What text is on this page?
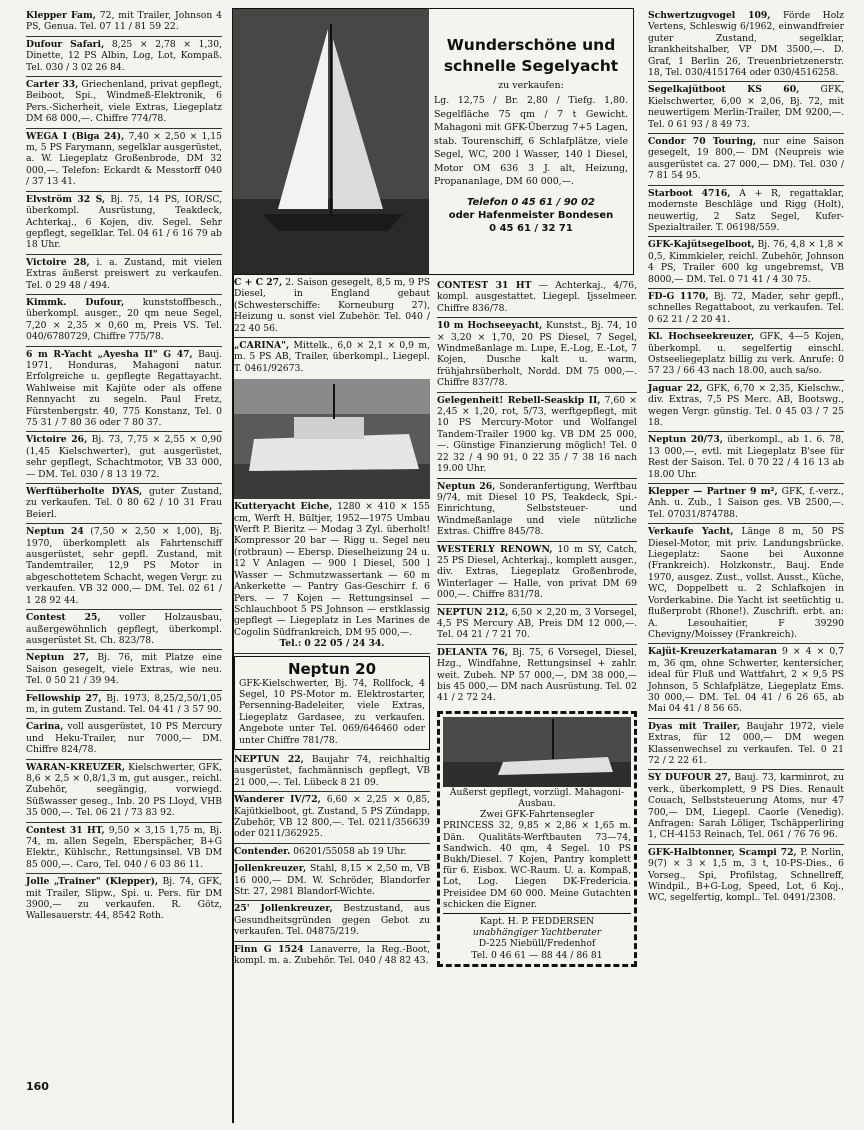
Klepper Fam, 72, mit Trailer, Johnson 4 PS, Genua. Tel. 07 11 / 81 59 22.
Dufour Safari, 8,25 × 2,78 × 1,30, Dinette, 12 PS Albin, Log, Lot, Kompaß. Tel. 030 / 3 02 26 84.
Carter 33, Griechenland, privat gepflegt, Beiboot, Spi., Windmeß-Elektronik, 6 Pers.-Sicherheit, viele Extras, Liegeplatz DM 68 000,—. Chiffre 774/78.
WEGA I (Biga 24), 7,40 × 2,50 × 1,15 m, 5 PS Farymann, segelklar ausgerüstet, a. W. Liegeplatz Großenbrode, DM 32 000,—. Telefon: Eckardt & Messtorff 040 / 37 13 41.
Elvström 32 S, Bj. 75, 14 PS, IOR/SC, überkompl. Ausrüstung, Teakdeck, Achterkaj., 6 Kojen, div. Segel. Sehr gepflegt, segelklar. Tel. 04 61 / 6 16 79 ab 18 Uhr.
Victoire 28, i. a. Zustand, mit vielen Extras äußerst preiswert zu verkaufen. Tel. 0 29 48 / 494.
Kimmk. Dufour, kunststoffbesch., überkompl. ausger., 20 qm neue Segel, 7,20 × 2,35 × 0,60 m, Preis VS. Tel. 040/6780729, Chiffre 775/78.
6 m R-Yacht „Ayesha II" G 47, Bauj. 1971, Honduras, Mahagoni natur. Erfolgreiche u. gepflegte Regattayacht. Wahlweise mit Kajüte oder als offene Rennyacht zu segeln. Paul Fretz, Fürstenbergstr. 40, 775 Konstanz, Tel. 0 75 31 / 7 80 36 oder 7 80 37.
Victoire 26, Bj. 73, 7,75 × 2,55 × 0,90 (1,45 Kielschwerter), gut ausgerüstet, sehr gepflegt, Schachtmotor, VB 33 000,— DM. Tel. 030 / 8 13 19 72.
Werftüberholte DYAS, guter Zustand, zu verkaufen. Tel. 0 80 62 / 10 31 Frau Beierl.
Neptun 24 (7,50 × 2,50 × 1,00), Bj. 1970, überkomplett als Fahrtenschiff ausgerüstet, sehr gepfl. Zustand, mit Tandemtrailer, 12,9 PS Motor in abgeschottetem Schacht, wegen Vergr. zu verkaufen. VB 32 000,— DM. Tel. 02 61 / 1 28 92 44.
Contest 25, voller Holzausbau, außergewöhnlich gepflegt, überkompl. ausgerüstet St. Ch. 823/78.
Neptun 27, Bj. 76, mit Platze eine Saison gesegelt, viele Extras, wie neu. Tel. 0 50 21 / 39 94.
Fellowship 27, Bj. 1973, 8,25/2,50/1,05 m, in gutem Zustand. Tel. 04 41 / 3 57 90.
Carina, voll ausgerüstet, 10 PS Mercury und Heku-Trailer, nur 7000,— DM. Chiffre 824/78.
WARAN-KREUZER, Kielschwerter, GFK, 8,6 × 2,5 × 0,8/1,3 m, gut ausger., reichl. Zubehör, seegängig, vorwiegd. Süßwasser geseg., Inb. 20 PS Lloyd, VHB 35 000,—. Tel. 06 21 / 73 83 92.
Contest 31 HT, 9,50 × 3,15 1,75 m, Bj. 74, m. allen Segeln, Eberspächer, B+G Elektr., Kühlschr., Rettungsinsel. VB DM 85 000,—. Caro, Tel. 040 / 6 03 86 11.
Jolle „Trainer" (Klepper), Bj. 74, GFK, mit Trailer, Slipw., Spi. u. Pers. für DM 3900,— zu verkaufen. R. Götz, Wallesauerstr. 44, 8542 Roth.
Wunderschöne und schnelle Segelyacht
zu verkaufen:
Lg. 12,75 / Br. 2,80 / Tiefg. 1,80. Segelfläche 75 qm / 7 t Gewicht. Mahagoni mit GFK-Überzug 7+5 Lagen, stab. Tourenschiff, 6 Schlafplätze, viele Segel, WC, 200 l Wasser, 140 l Diesel, Motor OM 636 3 J. alt, Heizung, Propananlage, DM 60 000,—.
Telefon 0 45 61 / 90 02
oder Hafenmeister Bondesen
0 45 61 / 32 71
C + C 27, 2. Saison gesegelt, 8,5 m, 9 PS Diesel, in England gebaut (Schwesterschiffe: Korneuburg 27), Heizung u. sonst viel Zubehör. Tel. 040 / 22 40 56.
„CARINA", Mittelk., 6,0 × 2,1 × 0,9 m, m. 5 PS AB, Trailer, überkompl., Liegepl. T. 0461/92673.
Kutteryacht Eiche, 1280 × 410 × 155 cm, Werft H. Bültjer, 1952—1975 Umbau Werft P. Bieritz — Modag 3 Zyl. überholt! Kompressor 20 bar — Rigg u. Segel neu (rotbraun) — Ebersp. Dieselheizung 24 u. 12 V Anlagen — 900 l Diesel, 500 l Wasser — Schmutzwassertank — 60 m Ankerkette — Pantry Gas-Geschirr f. 6 Pers. — 7 Kojen — Rettungsinsel — Schlauchboot 5 PS Johnson — erstklassig gepflegt — Liegeplatz in Les Marines de Cogolin Südfrankreich, DM 95 000,—.
Tel.: 0 22 05 / 24 34.
Neptun 20
GFK-Kielschwerter, Bj. 74, Rollfock, 4 Segel, 10 PS-Motor m. Elektrostarter, Persenning-Badeleiter, viele Extras, Liegeplatz Gardasee, zu verkaufen. Angebote unter Tel. 069/646460 oder unter Chiffre 781/78.
NEPTUN 22, Baujahr 74, reichhaltig ausgerüstet, fachmännisch gepflegt, VB 21 000,—. Tel. Lübeck 8 21 09.
Wanderer IV/72, 6,60 × 2,25 × 0,85, Kajütkielboot, gt. Zustand, 5 PS Zündapp, Zubehör, VB 12 800,—. Tel. 0211/356639 oder 0211/362925.
Contender. 06201/55058 ab 19 Uhr.
Jollenkreuzer, Stahl, 8,15 × 2,50 m, VB 16 000,— DM. W. Schröder, Blandorfer Str. 27, 2981 Blandorf-Wichte.
25' Jollenkreuzer, Bestzustand, aus Gesundheitsgründen gegen Gebot zu verkaufen. Tel. 04875/219.
Finn G 1524 Lanaverre, la Reg.-Boot, kompl. m. a. Zubehör. Tel. 040 / 48 82 43.
CONTEST 31 HT — Achterkaj., 4/76, kompl. ausgestattet. Liegepl. Ijsselmeer. Chiffre 836/78.
10 m Hochseeyacht, Kunstst., Bj. 74, 10 × 3,20 × 1,70, 20 PS Diesel, 7 Segel, Windmeßanlage m. Lupe, E.-Log, E.-Lot, 7 Kojen, Dusche kalt u. warm, frühjahrsüberholt, Nordd. DM 75 000,—. Chiffre 837/78.
Gelegenheit! Rebell-Seaskip II, 7,60 × 2,45 × 1,20, rot, 5/73, werftgepflegt, mit 10 PS Mercury-Motor und Wolfangel Tandem-Trailer 1900 kg. VB DM 25 000,—. Günstige Finanzierung möglich! Tel. 0 22 32 / 4 90 91, 0 22 35 / 7 38 16 nach 19.00 Uhr.
Neptun 26, Sonderanfertigung, Werftbau 9/74, mit Diesel 10 PS, Teakdeck, Spi.-Einrichtung, Selbststeuer- und Windmeßanlage und viele nützliche Extras. Chiffre 845/78.
WESTERLY RENOWN, 10 m SY, Catch, 25 PS Diesel, Achterkaj., komplett ausger., div. Extras, Liegeplatz Großenbrode, Winterlager — Halle, von privat DM 69 000,—. Chiffre 831/78.
NEPTUN 212, 6,50 × 2,20 m, 3 Vorsegel, 4,5 PS Mercury AB, Preis DM 12 000,—. Tel. 04 21 / 7 21 70.
DELANTA 76, Bj. 75, 6 Vorsegel, Diesel, Hzg., Windfahne, Rettungsinsel + zahlr. weit. Zubeh. NP 57 000,—, DM 38 000,— bis 45 000,— DM nach Ausrüstung. Tel. 02 41 / 2 72 24.
Äußerst gepflegt, vorzügl. Mahagoni-Ausbau.
Zwei GFK-Fahrtensegler
PRINCESS 32, 9,85 × 2,86 × 1,65 m. Dän. Qualitäts-Werftbauten 73—74, Sandwich. 40 qm, 4 Segel. 10 PS Bukh/Diesel. 7 Kojen, Pantry komplett für 6. Eisbox. WC-Raum. U. a. Kompaß, Lot, Log. Liegen DK-Fredericia. Preisidee DM 60 000. Meine Gutachten schicken die Eigner.
Kapt. H. P. FEDDERSEN
unabhängiger Yachtberater
D-225 Niebüll/Fredenhof
Tel. 0 46 61 — 88 44 / 86 81
Schwertzugvogel 109, Förde Holz Vertens, Schleswig 6/1962, einwandfreier guter Zustand, segelklar, krankheitshalber, VP DM 3500,—. D. Graf, 1 Berlin 26, Treuenbrietzenerstr. 18, Tel. 030/4151764 oder 030/4516258.
Segelkajütboot KS 60, GFK, Kielschwerter, 6,00 × 2,06, Bj. 72, mit neuwertigem Merlin-Trailer, DM 9200,—. Tel. 0 61 93 / 8 49 73.
Condor 70 Touring, nur eine Saison gesegelt, 19 800,— DM (Neupreis wie ausgerüstet ca. 27 000,— DM). Tel. 030 / 7 81 54 95.
Starboot 4716, A + R, regattaklar, modernste Beschläge und Rigg (Holt), neuwertig, 2 Satz Segel, Kufer-Spezialtrailer. T. 06198/559.
GFK-Kajütsegelboot, Bj. 76, 4,8 × 1,8 × 0,5, Kimmkieler, reichl. Zubehör, Johnson 4 PS, Trailer 600 kg ungebremst, VB 8000,— DM. Tel. 0 71 41 / 4 30 75.
FD-G 1170, Bj. 72, Mader, sehr gepfl., schnelles Regattaboot, zu verkaufen. Tel. 0 62 21 / 2 20 41.
Kl. Hochseekreuzer, GFK, 4—5 Kojen, überkompl. u. segelfertig einschl. Ostseeliegeplatz billig zu verk. Anrufe: 0 57 23 / 66 43 nach 18.00, auch sa/so.
Jaguar 22, GFK, 6,70 × 2,35, Kielschw., div. Extras, 7,5 PS Merc. AB, Bootswg., wegen Vergr. günstig. Tel. 0 45 03 / 7 25 18.
Neptun 20/73, überkompl., ab 1. 6. 78, 13 000,—, evtl. mit Liegeplatz B'see für Rest der Saison. Tel. 0 70 22 / 4 16 13 ab 18.00 Uhr.
Klepper — Partner 9 m², GFK, f.-verz., Anh. u. Zub., 1 Saison ges. VB 2500,—. Tel. 07031/874788.
Verkaufe Yacht, Länge 8 m, 50 PS Diesel-Motor, mit priv. Landungsbrücke. Liegeplatz: Saone bei Auxonne (Frankreich). Holzkonstr., Bauj. Ende 1970, ausgez. Zust., vollst. Ausst., Küche, WC, Doppelbett u. 2 Schlafkojen in Vorderkabine. Die Yacht ist seetüchtig u. flußerprobt (Rhone!). Zuschrift. erbt. an: A. Lesouhaitier, F 39290 Chevigny/Moissey (Frankreich).
Kajüt-Kreuzerkatamaran 9 × 4 × 0,7 m, 36 qm, ohne Schwerter, kentersicher, ideal für Fluß und Wattfahrt, 2 × 9,5 PS Johnson, 5 Schlafplätze, Liegeplatz Ems. 30 000,— DM. Tel. 04 41 / 6 26 65, ab Mai 04 41 / 8 56 65.
Dyas mit Trailer, Baujahr 1972, viele Extras, für 12 000,— DM wegen Klassenwechsel zu verkaufen. Tel. 0 21 72 / 2 22 61.
SY DUFOUR 27, Bauj. 73, karminrot, zu verk., überkomplett, 9 PS Dies. Renault Couach, Selbststeuerung Atoms, nur 47 700,— DM, Liegepl. Caorle (Venedig). Anfragen: Sarah Löliger, Tschäpperliring 1, CH-4153 Reinach, Tel. 061 / 76 76 96.
GFK-Halbtonner, Scampi 72, P. Norlin, 9(7) × 3 × 1,5 m, 3 t, 10-PS-Dies., 6 Vorseg., Spi, Profilstag, Schnellreff, Windpil., B+G-Log, Speed, Lot, 6 Koj., WC, segelfertig, kompl.. Tel. 0491/2308.
160
